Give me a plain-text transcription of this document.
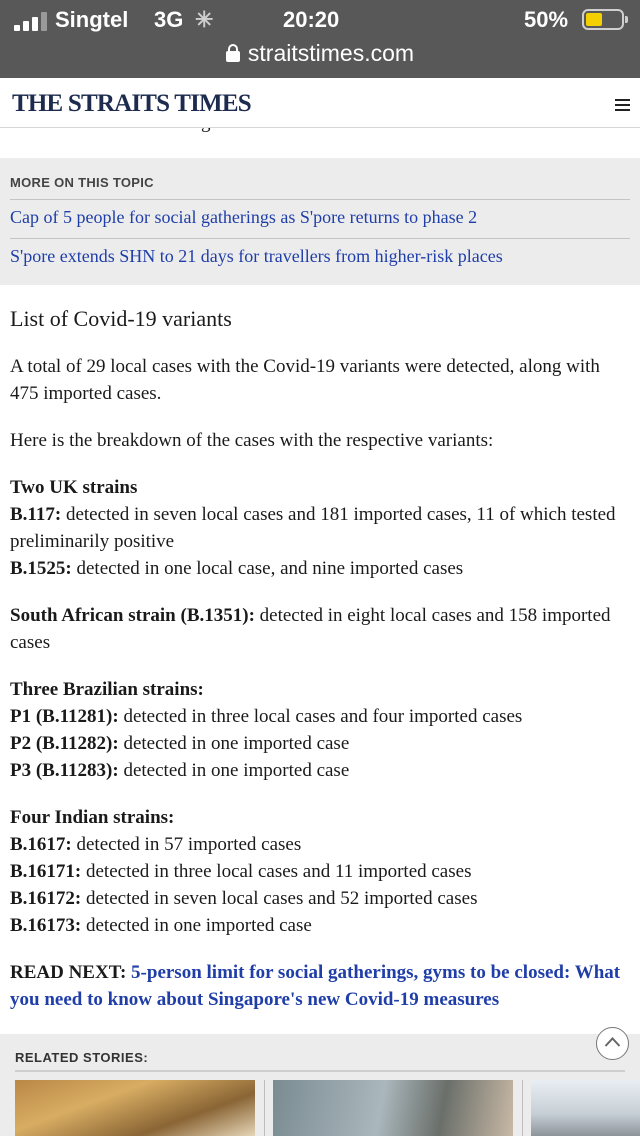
Singtel 3G ✳	20:20	50%
straitstimes.com
THE STRAITS TIMES
MORE ON THIS TOPIC
Cap of 5 people for social gatherings as S'pore returns to phase 2
S'pore extends SHN to 21 days for travellers from higher-risk places
List of Covid-19 variants

A total of 29 local cases with the Covid-19 variants were detected, along with 475 imported cases.

Here is the breakdown of the cases with the respective variants:

Two UK strains
B.117: detected in seven local cases and 181 imported cases, 11 of which tested preliminarily positive
B.1525: detected in one local case, and nine imported cases

South African strain (B.1351): detected in eight local cases and 158 imported cases

Three Brazilian strains:
P1 (B.11281): detected in three local cases and four imported cases
P2 (B.11282): detected in one imported case
P3 (B.11283): detected in one imported case

Four Indian strains:
B.1617: detected in 57 imported cases
B.16171: detected in three local cases and 11 imported cases
B.16172: detected in seven local cases and 52 imported cases
B.16173: detected in one imported case

READ NEXT: 5-person limit for social gatherings, gyms to be closed: What you need to know about Singapore's new Covid-19 measures

RELATED STORIES:
